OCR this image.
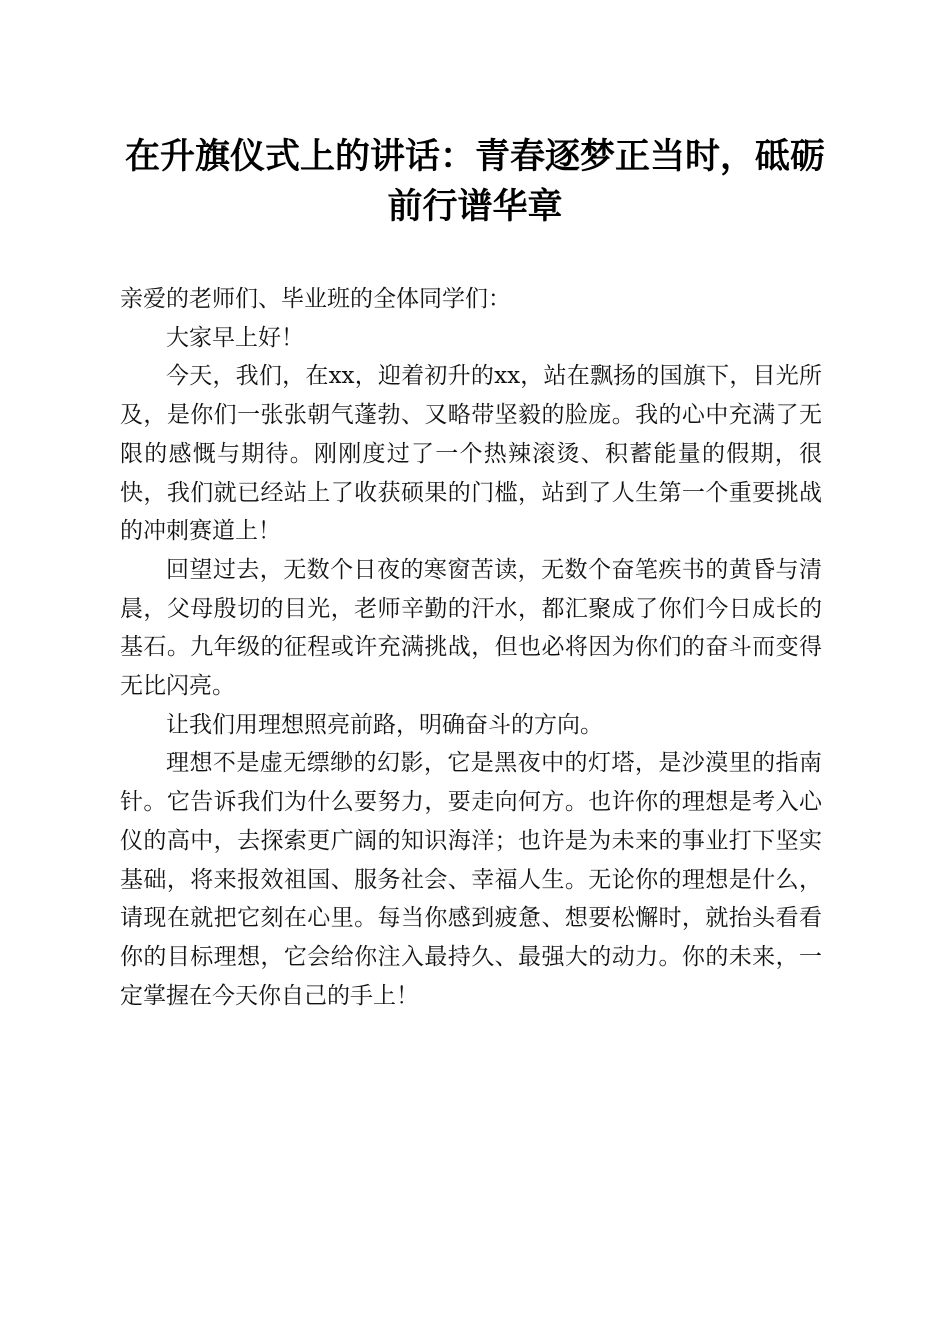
在升旗仪式上的讲话：青春逐梦正当时，砥砺前行谱华章

亲爱的老师们、毕业班的全体同学们：

大家早上好！

今天，我们，在xx，迎着初升的xx，站在飘扬的国旗下，目光所及，是你们一张张朝气蓬勃、又略带坚毅的脸庞。我的心中充满了无限的感慨与期待。刚刚度过了一个热辣滚烫、积蓄能量的假期，很快，我们就已经站上了收获硕果的门槛，站到了人生第一个重要挑战的冲刺赛道上！

回望过去，无数个日夜的寒窗苦读，无数个奋笔疾书的黄昏与清晨，父母殷切的目光，老师辛勤的汗水，都汇聚成了你们今日成长的基石。九年级的征程或许充满挑战，但也必将因为你们的奋斗而变得无比闪亮。

让我们用理想照亮前路，明确奋斗的方向。

理想不是虚无缥缈的幻影，它是黑夜中的灯塔，是沙漠里的指南针。它告诉我们为什么要努力，要走向何方。也许你的理想是考入心仪的高中，去探索更广阔的知识海洋；也许是为未来的事业打下坚实基础，将来报效祖国、服务社会、幸福人生。无论你的理想是什么，请现在就把它刻在心里。每当你感到疲惫、想要松懈时，就抬头看看你的目标理想，它会给你注入最持久、最强大的动力。你的未来，一定掌握在今天你自己的手上！
